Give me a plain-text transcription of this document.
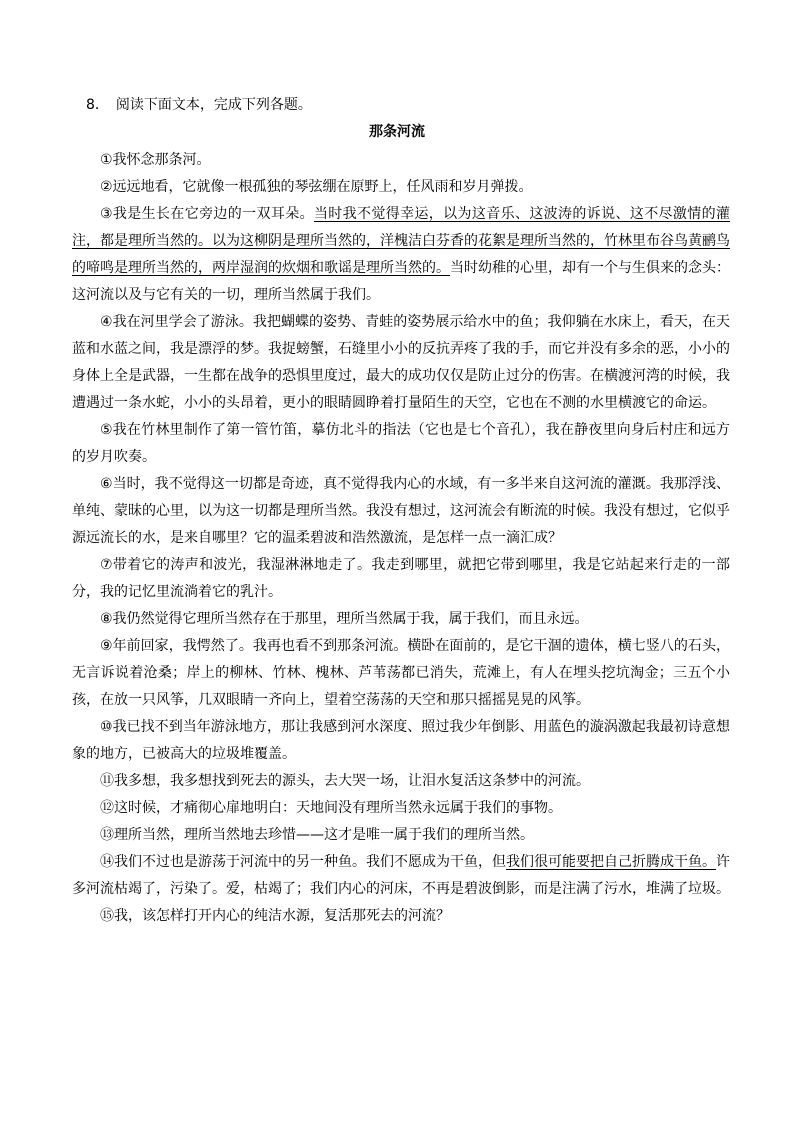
8． 阅读下面文本，完成下列各题。
那条河流

①我怀念那条河。

②远远地看，它就像一根孤独的琴弦绷在原野上，任风雨和岁月弹拨。

③我是生长在它旁边的一双耳朵。当时我不觉得幸运，以为这音乐、这波涛的诉说、这不尽激情的灌注，都是理所当然的。以为这柳阴是理所当然的，洋槐洁白芬香的花絮是理所当然的，竹林里布谷鸟黄鹂鸟的啼鸣是理所当然的，两岸湿润的炊烟和歌谣是理所当然的。当时幼稚的心里，却有一个与生俱来的念头：这河流以及与它有关的一切，理所当然属于我们。

④我在河里学会了游泳。我把蝴蝶的姿势、青蛙的姿势展示给水中的鱼；我仰躺在水床上，看天，在天蓝和水蓝之间，我是漂浮的梦。我捉螃蟹，石缝里小小的反抗弄疼了我的手，而它并没有多余的恶，小小的身体上全是武器，一生都在战争的恐惧里度过，最大的成功仅仅是防止过分的伤害。在横渡河湾的时候，我遭遇过一条水蛇，小小的头昂着，更小的眼睛圆睁着打量陌生的天空，它也在不测的水里横渡它的命运。

⑤我在竹林里制作了第一管竹笛，摹仿北斗的指法（它也是七个音孔），我在静夜里向身后村庄和远方的岁月吹奏。

⑥当时，我不觉得这一切都是奇迹，真不觉得我内心的水域，有一多半来自这河流的灌溉。我那浮浅、单纯、蒙昧的心里，以为这一切都是理所当然。我没有想过，这河流会有断流的时候。我没有想过，它似乎源远流长的水，是来自哪里？它的温柔碧波和浩然激流，是怎样一点一滴汇成？

⑦带着它的涛声和波光，我湿淋淋地走了。我走到哪里，就把它带到哪里，我是它站起来行走的一部分，我的记忆里流淌着它的乳汁。

⑧我仍然觉得它理所当然存在于那里，理所当然属于我，属于我们，而且永远。

⑨年前回家，我愕然了。我再也看不到那条河流。横卧在面前的，是它干涸的遗体，横七竖八的石头，无言诉说着沧桑；岸上的柳林、竹林、槐林、芦苇荡都已消失，荒滩上，有人在埋头挖坑淘金；三五个小孩，在放一只风筝，几双眼睛一齐向上，望着空荡荡的天空和那只摇摇晃晃的风筝。

⑩我已找不到当年游泳地方，那让我感到河水深度、照过我少年倒影、用蓝色的漩涡激起我最初诗意想象的地方，已被高大的垃圾堆覆盖。

⑪我多想，我多想找到死去的源头，去大哭一场，让泪水复活这条梦中的河流。

⑫这时候，才痛彻心扉地明白：天地间没有理所当然永远属于我们的事物。

⑬理所当然，理所当然地去珍惜——这才是唯一属于我们的理所当然。

⑭我们不过也是游荡于河流中的另一种鱼。我们不愿成为干鱼，但我们很可能要把自己折腾成干鱼。许多河流枯竭了，污染了。爱，枯竭了；我们内心的河床，不再是碧波倒影，而是注满了污水，堆满了垃圾。

⑮我，该怎样打开内心的纯洁水源，复活那死去的河流？
